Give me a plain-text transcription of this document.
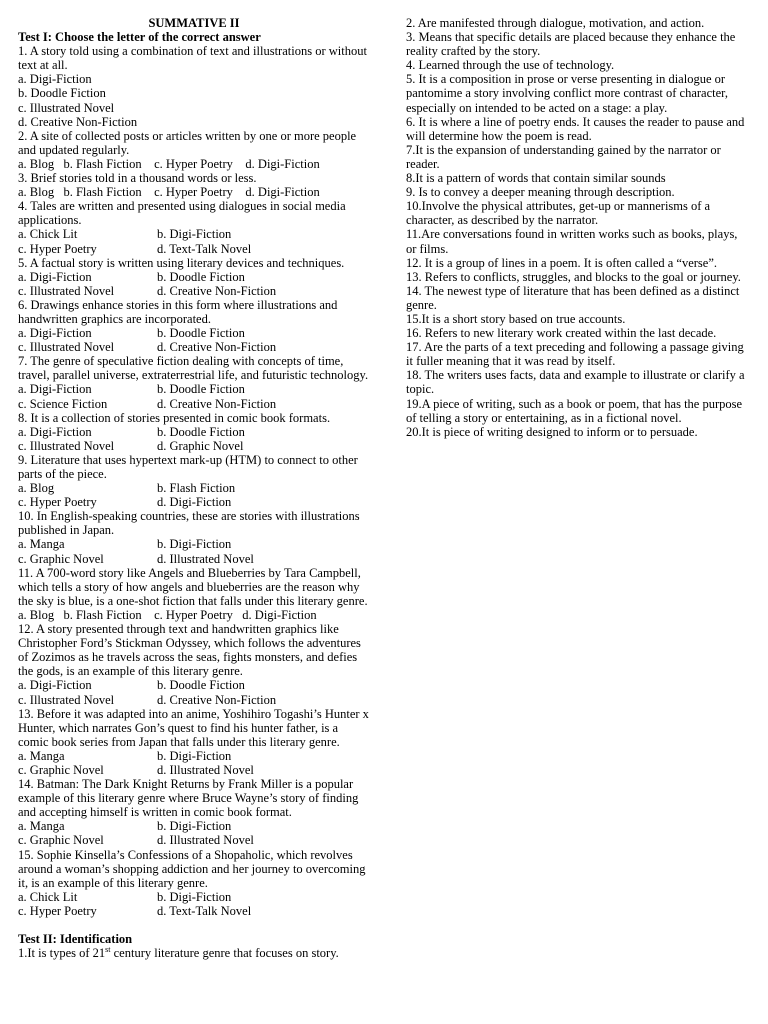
SUMMATIVE II
Test I: Choose the letter of the correct answer
1. A story told using a combination of text and illustrations or without text at all.
a. Digi-Fiction
b. Doodle Fiction
c. Illustrated Novel
d. Creative Non-Fiction
2. A site of collected posts or articles written by one or more people and updated regularly.
a. Blog   b. Flash Fiction    c. Hyper Poetry    d. Digi-Fiction
3. Brief stories told in a thousand words or less.
a. Blog   b. Flash Fiction    c. Hyper Poetry    d. Digi-Fiction
4. Tales are written and presented using dialogues in social media applications.
a. Chick Lit	b. Digi-Fiction
c. Hyper Poetry	d. Text-Talk Novel
5. A factual story is written using literary devices and techniques.
a. Digi-Fiction	b. Doodle Fiction
c. Illustrated Novel	d. Creative Non-Fiction
6. Drawings enhance stories in this form where illustrations and handwritten graphics are incorporated.
a. Digi-Fiction	b. Doodle Fiction
c. Illustrated Novel	d. Creative Non-Fiction
7. The genre of speculative fiction dealing with concepts of time, travel, parallel universe, extraterrestrial life, and futuristic technology.
a. Digi-Fiction	b. Doodle Fiction
c. Science Fiction	d. Creative Non-Fiction
8. It is a collection of stories presented in comic book formats.
a. Digi-Fiction	b. Doodle Fiction
c. Illustrated Novel	d. Graphic Novel
9. Literature that uses hypertext mark-up (HTM) to connect to other parts of the piece.
a. Blog	b. Flash Fiction
c. Hyper Poetry	d. Digi-Fiction
10. In English-speaking countries, these are stories with illustrations published in Japan.
a. Manga	b. Digi-Fiction
c. Graphic Novel	d. Illustrated Novel
11. A 700-word story like Angels and Blueberries by Tara Campbell, which tells a story of how angels and blueberries are the reason why the sky is blue, is a one-shot fiction that falls under this literary genre.
a. Blog   b. Flash Fiction    c. Hyper Poetry   d. Digi-Fiction
12. A story presented through text and handwritten graphics like Christopher Ford’s Stickman Odyssey, which follows the adventures of Zozimos as he travels across the seas, fights monsters, and defies the gods, is an example of this literary genre.
a. Digi-Fiction	b. Doodle Fiction
c. Illustrated Novel	d. Creative Non-Fiction
13. Before it was adapted into an anime, Yoshihiro Togashi’s Hunter x Hunter, which narrates Gon’s quest to find his hunter father, is a comic book series from Japan that falls under this literary genre.
a. Manga	b. Digi-Fiction
c. Graphic Novel	d. Illustrated Novel
14. Batman: The Dark Knight Returns by Frank Miller is a popular example of this literary genre where Bruce Wayne’s story of finding and accepting himself is written in comic book format.
a. Manga	b. Digi-Fiction
c. Graphic Novel	d. Illustrated Novel
15. Sophie Kinsella’s Confessions of a Shopaholic, which revolves around a woman’s shopping addiction and her journey to overcoming it, is an example of this literary genre.
a. Chick Lit	b. Digi-Fiction
c. Hyper Poetry	d. Text-Talk Novel
Test II: Identification
1.It is types of 21st century literature genre that focuses on story.
2. Are manifested through dialogue, motivation, and action.
3. Means that specific details are placed because they enhance the reality crafted by the story.
4. Learned through the use of technology.
5. It is a composition in prose or verse presenting in dialogue or pantomime a story involving conflict more contrast of character, especially on intended to be acted on a stage: a play.
6. It is where a line of poetry ends. It causes the reader to pause and will determine how the poem is read.
7.It is the expansion of understanding gained by the narrator or reader.
8.It is a pattern of words that contain similar sounds
9. Is to convey a deeper meaning through description.
10.Involve the physical attributes, get-up or mannerisms of a character, as described by the narrator.
11.Are conversations found in written works such as books, plays, or films.
12. It is a group of lines in a poem. It is often called a “verse”.
13. Refers to conflicts, struggles, and blocks to the goal or journey.
14. The newest type of literature that has been defined as a distinct genre.
15.It is a short story based on true accounts.
16. Refers to new literary work created within the last decade.
17. Are the parts of a text preceding and following a passage giving it fuller meaning that it was read by itself.
18. The writers uses facts, data and example to illustrate or clarify a topic.
19.A piece of writing, such as a book or poem, that has the purpose of telling a story or entertaining, as in a fictional novel.
20.It is piece of writing designed to inform or to persuade.
